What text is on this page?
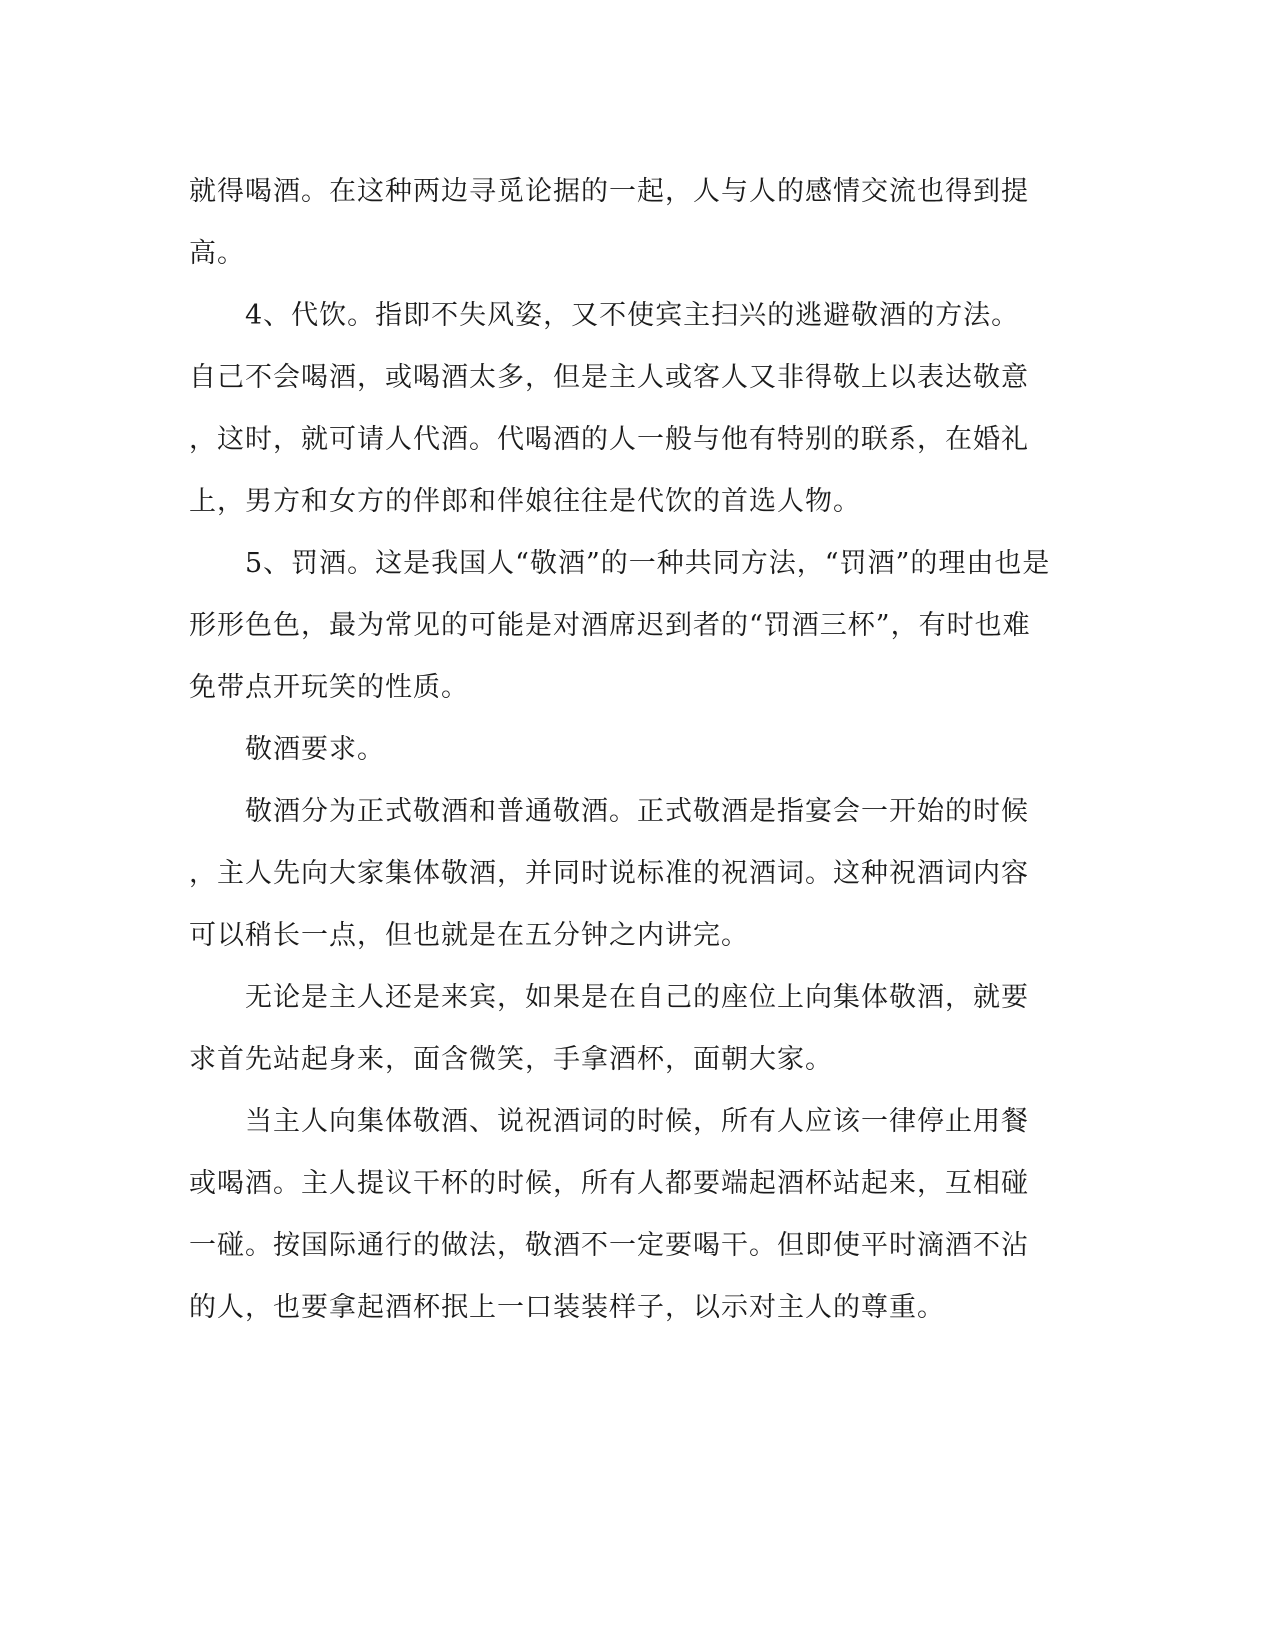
就得喝酒。在这种两边寻觅论据的一起，人与人的感情交流也得到提
高。
　　4、代饮。指即不失风姿，又不使宾主扫兴的逃避敬酒的方法。
自己不会喝酒，或喝酒太多，但是主人或客人又非得敬上以表达敬意
，这时，就可请人代酒。代喝酒的人一般与他有特别的联系，在婚礼
上，男方和女方的伴郎和伴娘往往是代饮的首选人物。
　　5、罚酒。这是我国人“敬酒”的一种共同方法，“罚酒”的理由也是
形形色色，最为常见的可能是对酒席迟到者的“罚酒三杯”，有时也难
免带点开玩笑的性质。
　　敬酒要求。
　　敬酒分为正式敬酒和普通敬酒。正式敬酒是指宴会一开始的时候
，主人先向大家集体敬酒，并同时说标准的祝酒词。这种祝酒词内容
可以稍长一点，但也就是在五分钟之内讲完。
　　无论是主人还是来宾，如果是在自己的座位上向集体敬酒，就要
求首先站起身来，面含微笑，手拿酒杯，面朝大家。
　　当主人向集体敬酒、说祝酒词的时候，所有人应该一律停止用餐
或喝酒。主人提议干杯的时候，所有人都要端起酒杯站起来，互相碰
一碰。按国际通行的做法，敬酒不一定要喝干。但即使平时滴酒不沾
的人，也要拿起酒杯抿上一口装装样子，以示对主人的尊重。
